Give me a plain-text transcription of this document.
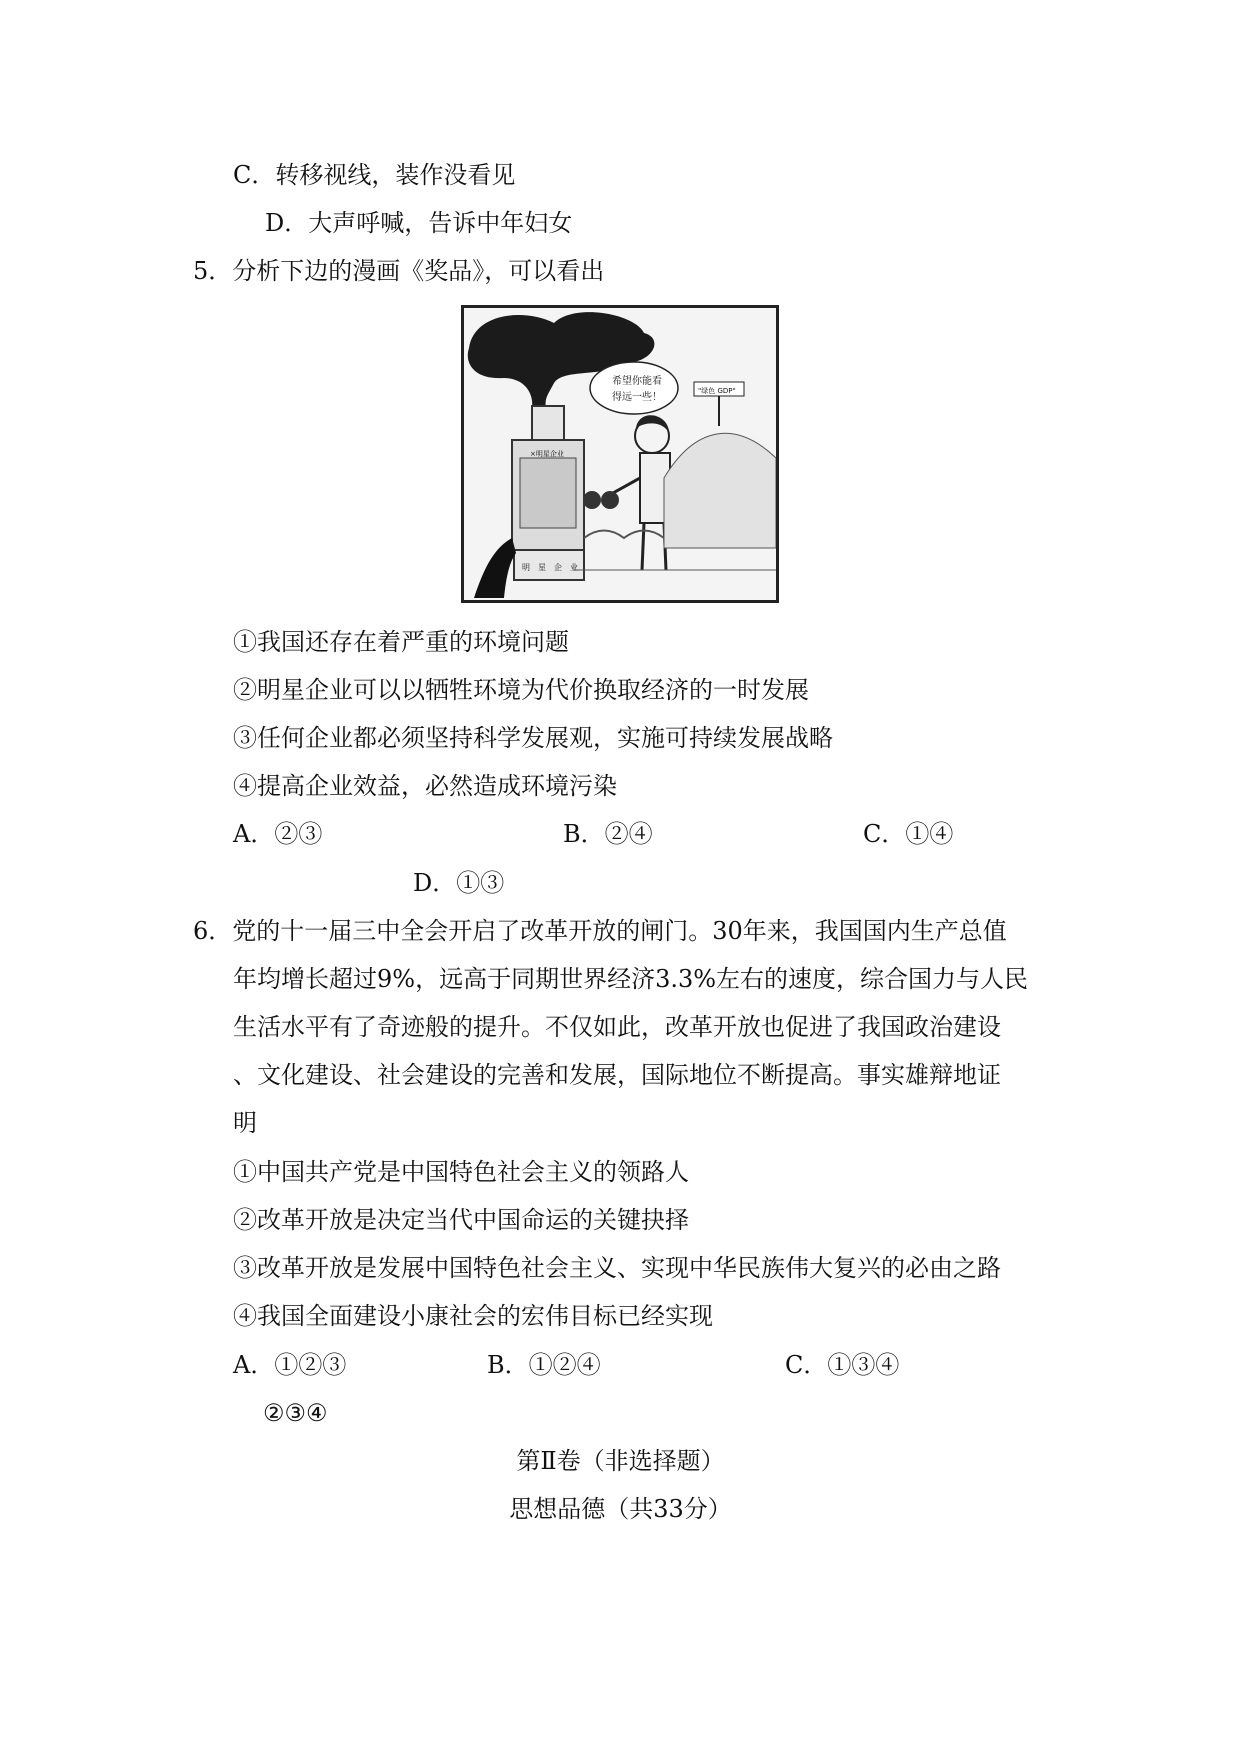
C．转移视线，装作没看见
D．大声呼喊，告诉中年妇女
5．分析下边的漫画《奖品》，可以看出
希望你能看
得远一些！
"绿色 GDP"
×明星企业
明 星 企 业
①我国还存在着严重的环境问题
②明星企业可以以牺牲环境为代价换取经济的一时发展
③任何企业都必须坚持科学发展观，实施可持续发展战略
④提高企业效益，必然造成环境污染
A．②③	B．②④	C．①④
D．①③
6．党的十一届三中全会开启了改革开放的闸门。30年来，我国国内生产总值
年均增长超过9%，远高于同期世界经济3.3%左右的速度，综合国力与人民
生活水平有了奇迹般的提升。不仅如此，改革开放也促进了我国政治建设
、文化建设、社会建设的完善和发展，国际地位不断提高。事实雄辩地证
明
①中国共产党是中国特色社会主义的领路人
②改革开放是决定当代中国命运的关键抉择
③改革开放是发展中国特色社会主义、实现中华民族伟大复兴的必由之路
④我国全面建设小康社会的宏伟目标已经实现
A．①②③	B．①②④	C．①③④
②③④
第Ⅱ卷（非选择题）
思想品德（共33分）
